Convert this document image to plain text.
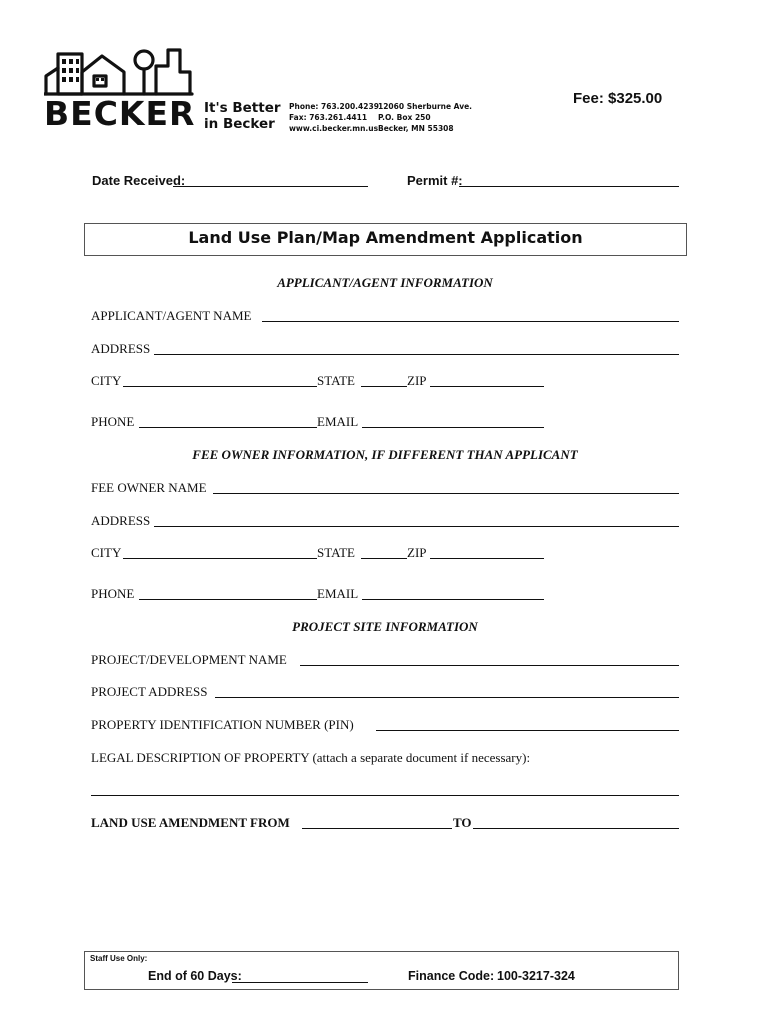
BECKER It's Better
in Becker
Phone: 763.200.4239
Fax: 763.261.4411
www.ci.becker.mn.us
12060 Sherburne Ave.
P.O. Box 250
Becker, MN 55308
Fee: $325.00
Date Received:	Permit #:
Land Use Plan/Map Amendment Application
APPLICANT/AGENT INFORMATION
APPLICANT/AGENT NAME
ADDRESS
CITY	STATE	ZIP
PHONE	EMAIL
FEE OWNER INFORMATION, IF DIFFERENT THAN APPLICANT
FEE OWNER NAME
ADDRESS
CITY	STATE	ZIP
PHONE	EMAIL
PROJECT SITE INFORMATION
PROJECT/DEVELOPMENT NAME
PROJECT ADDRESS
PROPERTY IDENTIFICATION NUMBER (PIN)
LEGAL DESCRIPTION OF PROPERTY (attach a separate document if necessary):
LAND USE AMENDMENT FROM	TO
Staff Use Only:
End of 60 Days:	Finance Code: 100-3217-324
